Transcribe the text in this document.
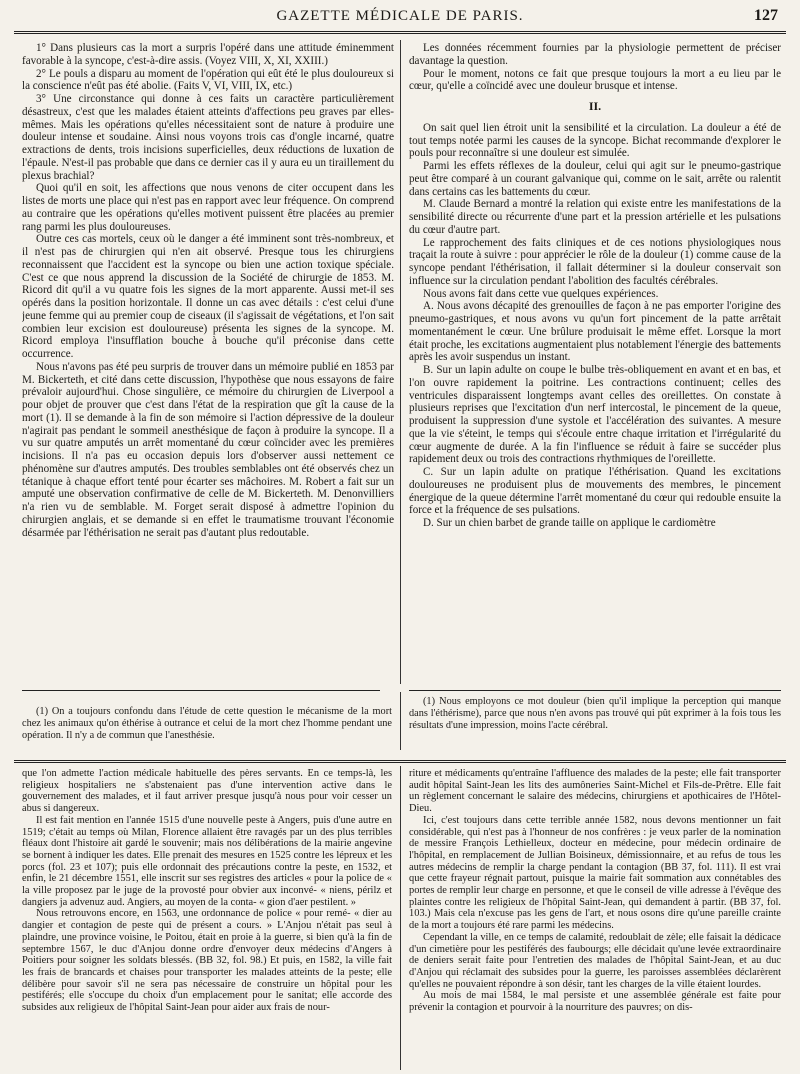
GAZETTE MÉDICALE DE PARIS.	127

1° Dans plusieurs cas la mort a surpris l'opéré dans une attitude éminemment favorable à la syncope, c'est-à-dire assis. (Voyez VIII, X, XI, XXIII.)

2° Le pouls a disparu au moment de l'opération qui eût été le plus douloureux si la conscience n'eût pas été abolie. (Faits V, VI, VIII, IX, etc.)

3° Une circonstance qui donne à ces faits un caractère particulièrement désastreux, c'est que les malades étaient atteints d'affections peu graves par elles-mêmes. Mais les opérations qu'elles nécessitaient sont de nature à produire une douleur intense et soudaine. Ainsi nous voyons trois cas d'ongle incarné, quatre extractions de dents, trois incisions superficielles, deux réductions de luxation de l'épaule. N'est-il pas probable que dans ce dernier cas il y aura eu un tiraillement du plexus brachial?

Quoi qu'il en soit, les affections que nous venons de citer occupent dans les listes de morts une place qui n'est pas en rapport avec leur fréquence. On comprend au contraire que les opérations qu'elles motivent puissent être placées au premier rang parmi les plus douloureuses.

Outre ces cas mortels, ceux où le danger a été imminent sont très-nombreux, et il n'est pas de chirurgien qui n'en ait observé. Presque tous les chirurgiens reconnaissent que l'accident est la syncope ou bien une action toxique spéciale. C'est ce que nous apprend la discussion de la Société de chirurgie de 1853. M. Ricord dit qu'il a vu quatre fois les signes de la mort apparente. Aussi met-il ses opérés dans la position horizontale. Il donne un cas avec détails : c'est celui d'une jeune femme qui au premier coup de ciseaux (il s'agissait de végétations, et l'on sait combien leur excision est douloureuse) présenta les signes de la syncope. M. Ricord employa l'insufflation bouche à bouche qu'il préconise dans cette occurrence.

Nous n'avons pas été peu surpris de trouver dans un mémoire publié en 1853 par M. Bickerteth, et cité dans cette discussion, l'hypothèse que nous essayons de faire prévaloir aujourd'hui. Chose singulière, ce mémoire du chirurgien de Liverpool a pour objet de prouver que c'est dans l'état de la respiration que gît la cause de la mort (1). Il se demande à la fin de son mémoire si l'action dépressive de la douleur n'agirait pas pendant le sommeil anesthésique de façon à produire la syncope. Il a vu sur quatre amputés un arrêt momentané du cœur coïncider avec les premières incisions. Il n'a pas eu occasion depuis lors d'observer aussi nettement ce phénomène sur d'autres amputés. Des troubles semblables ont été observés chez un tétanique à chaque effort tenté pour écarter ses mâchoires. M. Robert a fait sur un amputé une observation confirmative de celle de M. Bickerteth. M. Denonvilliers n'a rien vu de semblable. M. Forget serait disposé à admettre l'opinion du chirurgien anglais, et se demande si en effet le traumatisme trouvant l'économie désarmée par l'éthérisation ne serait pas d'autant plus redoutable.

Les données récemment fournies par la physiologie permettent de préciser davantage la question.

Pour le moment, notons ce fait que presque toujours la mort a eu lieu par le cœur, qu'elle a coïncidé avec une douleur brusque et intense.

II.

On sait quel lien étroit unit la sensibilité et la circulation. La douleur a été de tout temps notée parmi les causes de la syncope. Bichat recommande d'explorer le pouls pour reconnaître si une douleur est simulée.

Parmi les effets réflexes de la douleur, celui qui agit sur le pneumo-gastrique peut être comparé à un courant galvanique qui, comme on le sait, arrête ou ralentit dans certains cas les battements du cœur.

M. Claude Bernard a montré la relation qui existe entre les manifestations de la sensibilité directe ou récurrente d'une part et la pression artérielle et les pulsations du cœur d'autre part.

Le rapprochement des faits cliniques et de ces notions physiologiques nous traçait la route à suivre : pour apprécier le rôle de la douleur (1) comme cause de la syncope pendant l'éthérisation, il fallait déterminer si la douleur conservait son influence sur la circulation pendant l'abolition des facultés cérébrales.

Nous avons fait dans cette vue quelques expériences.

A. Nous avons décapité des grenouilles de façon à ne pas emporter l'origine des pneumo-gastriques, et nous avons vu qu'un fort pincement de la patte arrêtait momentanément le cœur. Une brûlure produisait le même effet. Lorsque la mort était proche, les excitations augmentaient plus notablement l'énergie des battements après les avoir suspendus un instant.

B. Sur un lapin adulte on coupe le bulbe très-obliquement en avant et en bas, et l'on ouvre rapidement la poitrine. Les contractions continuent; celles des ventricules disparaissent longtemps avant celles des oreillettes. On constate à plusieurs reprises que l'excitation d'un nerf intercostal, le pincement de la queue, produisent la suppression d'une systole et l'accélération des suivantes. A mesure que la vie s'éteint, le temps qui s'écoule entre chaque irritation et l'irrégularité du cœur augmente de durée. A la fin l'influence se réduit à faire se succéder plus rapidement deux ou trois des contractions rhythmiques de l'oreillette.

C. Sur un lapin adulte on pratique l'éthérisation. Quand les excitations douloureuses ne produisent plus de mouvements des membres, le pincement énergique de la queue détermine l'arrêt momentané du cœur qui redouble ensuite la force et la fréquence de ses pulsations.

D. Sur un chien barbet de grande taille on applique le cardiomètre

(1) On a toujours confondu dans l'étude de cette question le mécanisme de la mort chez les animaux qu'on éthérise à outrance et celui de la mort chez l'homme pendant une opération. Il n'y a de commun que l'anesthésie.

(1) Nous employons ce mot douleur (bien qu'il implique la perception qui manque dans l'éthérisme), parce que nous n'en avons pas trouvé qui pût exprimer à la fois tous les résultats d'une impression, moins l'acte cérébral.

que l'on admette l'action médicale habituelle des pères servants. En ce temps-là, les religieux hospitaliers ne s'abstenaient pas d'une intervention active dans le gouvernement des malades, et il faut arriver presque jusqu'à nous pour voir cesser un abus si dangereux.

Il est fait mention en l'année 1515 d'une nouvelle peste à Angers, puis d'une autre en 1519; c'était au temps où Milan, Florence allaient être ravagés par un des plus terribles fléaux dont l'histoire ait gardé le souvenir; mais nos délibérations de la mairie angevine se bornent à indiquer les dates. Elle prenait des mesures en 1525 contre les lépreux et les porcs (fol. 23 et 107); puis elle ordonnait des précautions contre la peste, en 1532, et enfin, le 21 décembre 1551, elle inscrit sur ses registres des articles « pour la police de « la ville proposez par le juge de la provosté pour obvier aux inconvé- « niens, périlz et dangiers ja advenuz aud. Angiers, au moyen de la conta- « gion d'aer pestilent. »

Nous retrouvons encore, en 1563, une ordonnance de police « pour remé- « dier au dangier et contagion de peste qui de présent a cours. » L'Anjou n'était pas seul à plaindre, une province voisine, le Poitou, était en proie à la guerre, si bien qu'à la fin de septembre 1567, le duc d'Anjou donne ordre d'envoyer deux médecins d'Angers à Poitiers pour soigner les soldats blessés. (BB 32, fol. 98.) Et puis, en 1582, la ville fait les frais de brancards et chaises pour transporter les malades atteints de la peste; elle délibère pour savoir s'il ne sera pas nécessaire de construire un hôpital pour les pestiférés; elle s'occupe du choix d'un emplacement pour le sanitat; elle accorde des subsides aux religieux de l'hôpital Saint-Jean pour aider aux frais de nour-

riture et médicaments qu'entraîne l'affluence des malades de la peste; elle fait transporter audit hôpital Saint-Jean les lits des aumôneries Saint-Michel et Fils-de-Prêtre. Elle fait un règlement concernant le salaire des médecins, chirurgiens et apothicaires de l'Hôtel-Dieu.

Ici, c'est toujours dans cette terrible année 1582, nous devons mentionner un fait considérable, qui n'est pas à l'honneur de nos confrères : je veux parler de la nomination de messire François Lethielleux, docteur en médecine, pour médecin ordinaire de l'hôpital, en remplacement de Jullian Boisineux, démissionnaire, et au refus de tous les autres médecins de remplir la charge pendant la contagion (BB 37, fol. 111). Il est vrai que cette frayeur régnait partout, puisque la mairie fait sommation aux connétables des portes de remplir leur charge en personne, et que le conseil de ville adresse à l'évêque des plaintes contre les religieux de l'hôpital Saint-Jean, qui demandent à partir. (BB 37, fol. 103.) Mais cela n'excuse pas les gens de l'art, et nous osons dire qu'une pareille crainte de la mort a toujours été rare parmi les médecins.

Cependant la ville, en ce temps de calamité, redoublait de zèle; elle faisait la dédicace d'un cimetière pour les pestiférés des faubourgs; elle décidait qu'une levée extraordinaire de deniers serait faite pour l'entretien des malades de l'hôpital Saint-Jean, et au duc d'Anjou qui réclamait des subsides pour la guerre, les paroisses assemblées déclarèrent qu'elles ne pouvaient répondre à son désir, tant les charges de la ville étaient lourdes.

Au mois de mai 1584, le mal persiste et une assemblée générale est faite pour prévenir la contagion et pourvoir à la nourriture des pauvres; on dis-
